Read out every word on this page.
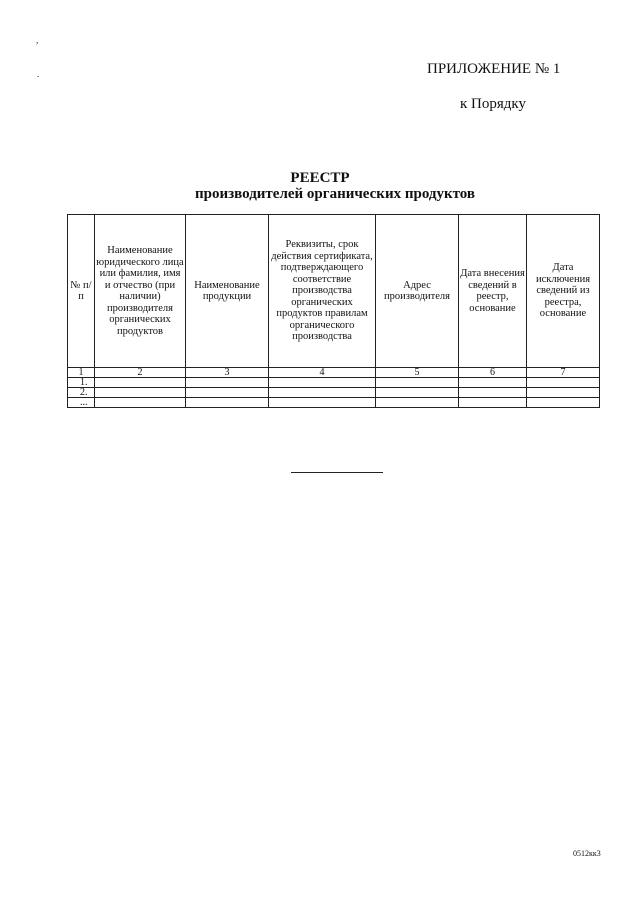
,
.	ПРИЛОЖЕНИЕ № 1
к Порядку
РЕЕСТР
производителей органических продуктов
№ п/п	Наименование юридического лица или фамилия, имя и отчество (при наличии) производителя органических продуктов	Наименование продукции	Реквизиты, срок действия сертификата, подтверждающего соответствие производства органических продуктов правилам органического производства	Адрес производителя	Дата внесения сведений в реестр, основание	Дата исключения сведений из реестра, основание
1	2	3	4	5	6	7
1.						
2.						
...						
0512кк3
